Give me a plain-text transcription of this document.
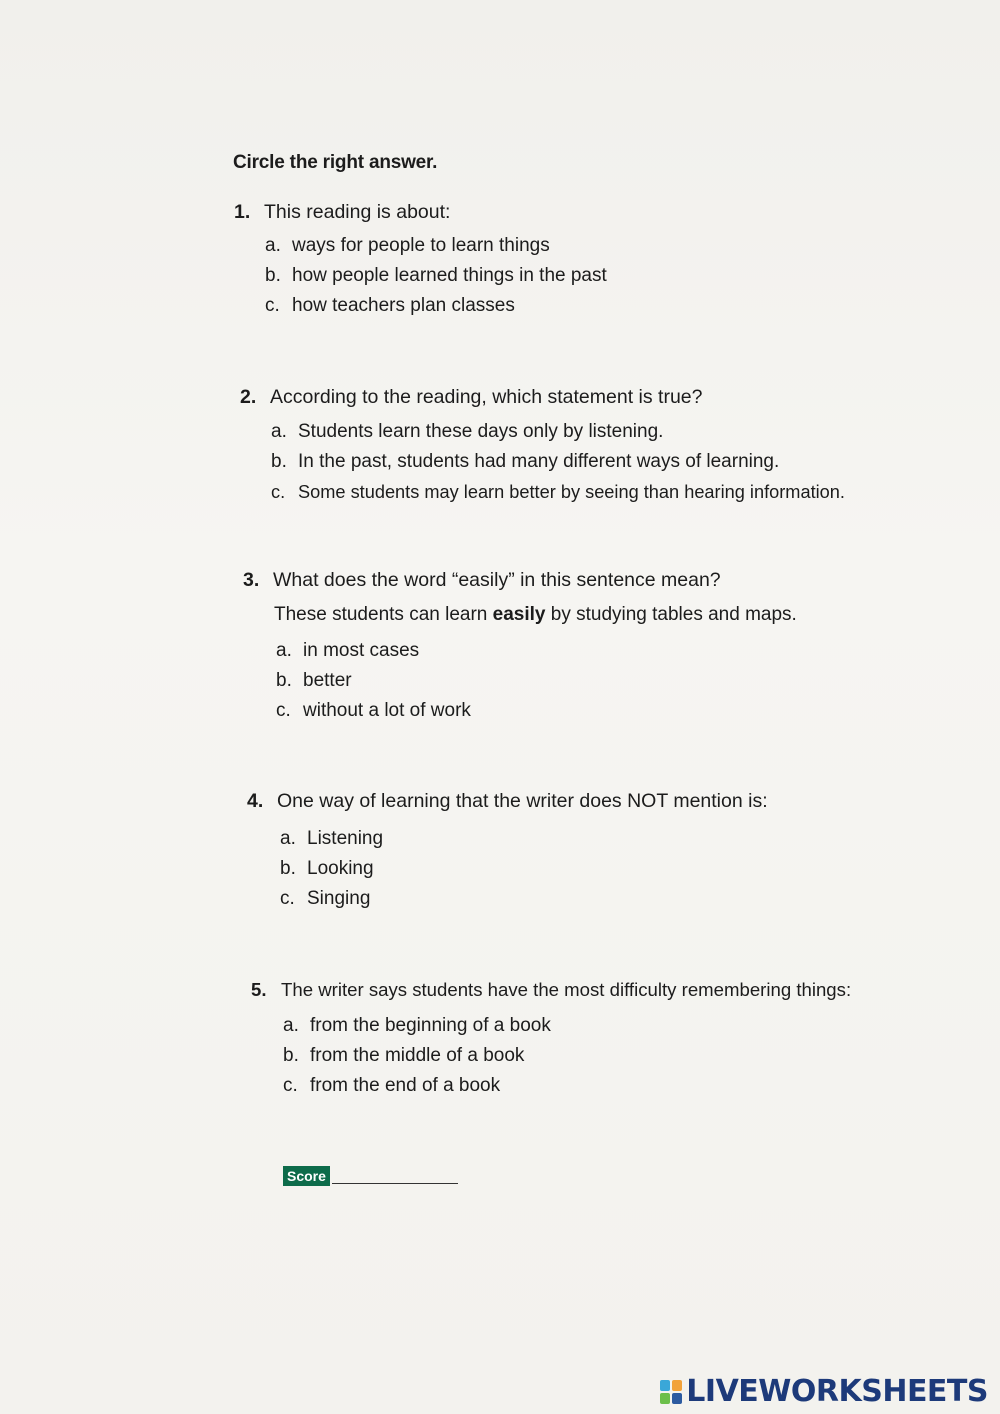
Circle the right answer.
1. This reading is about:
a. ways for people to learn things
b. how people learned things in the past
c. how teachers plan classes
2. According to the reading, which statement is true?
a. Students learn these days only by listening.
b. In the past, students had many different ways of learning.
c. Some students may learn better by seeing than hearing information.
3. What does the word “easily” in this sentence mean?
These students can learn easily by studying tables and maps.
a. in most cases
b. better
c. without a lot of work
4. One way of learning that the writer does NOT mention is:
a. Listening
b. Looking
c. Singing
5. The writer says students have the most difficulty remembering things:
a. from the beginning of a book
b. from the middle of a book
c. from the end of a book
Score
LIVEWORKSHEETS
